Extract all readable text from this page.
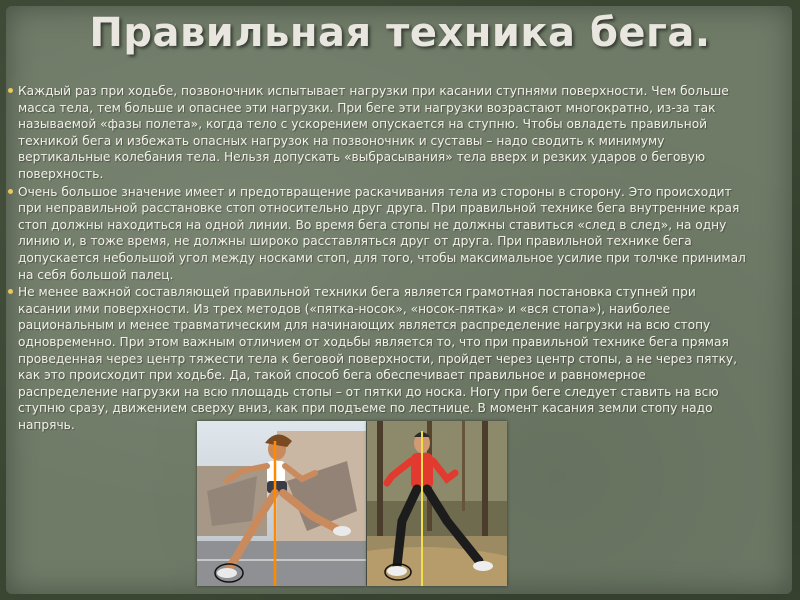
Правильная техника бега.

Каждый раз при ходьбе, позвоночник испытывает нагрузки при касании ступнями поверхности. Чем больше масса тела, тем больше и опаснее эти нагрузки. При беге эти нагрузки возрастают многократно, из-за так называемой «фазы полета», когда тело с ускорением опускается на ступню. Чтобы овладеть правильной техникой бега и избежать опасных нагрузок на позвоночник и суставы – надо сводить к минимуму вертикальные колебания тела. Нельзя допускать «выбрасывания» тела вверх и резких ударов о беговую поверхность.

Очень большое значение имеет и предотвращение раскачивания тела из стороны в сторону. Это происходит при неправильной расстановке стоп относительно друг друга. При правильной технике бега внутренние края стоп должны находиться на одной линии. Во время бега стопы не должны ставиться «след в след», на одну линию и, в тоже время, не должны широко расставляться друг от друга. При правильной технике бега допускается небольшой угол между носками стоп, для того, чтобы максимальное усилие при толчке принимал на себя большой палец.

Не менее важной составляющей правильной техники бега является грамотная постановка ступней при касании ими поверхности. Из трех методов («пятка-носок», «носок-пятка» и «вся стопа»), наиболее рациональным и менее травматическим для начинающих является распределение нагрузки на всю стопу одновременно. При этом важным отличием от ходьбы является то, что при правильной технике бега прямая проведенная через центр тяжести тела к беговой поверхности, пройдет через центр стопы, а не через пятку, как это происходит при ходьбе. Да, такой способ бега обеспечивает правильное и равномерное распределение нагрузки на всю площадь стопы – от пятки до носка. Ногу при беге следует ставить на всю ступню сразу, движением сверху вниз, как при подъеме по лестнице. В момент касания земли стопу надо напрячь.
